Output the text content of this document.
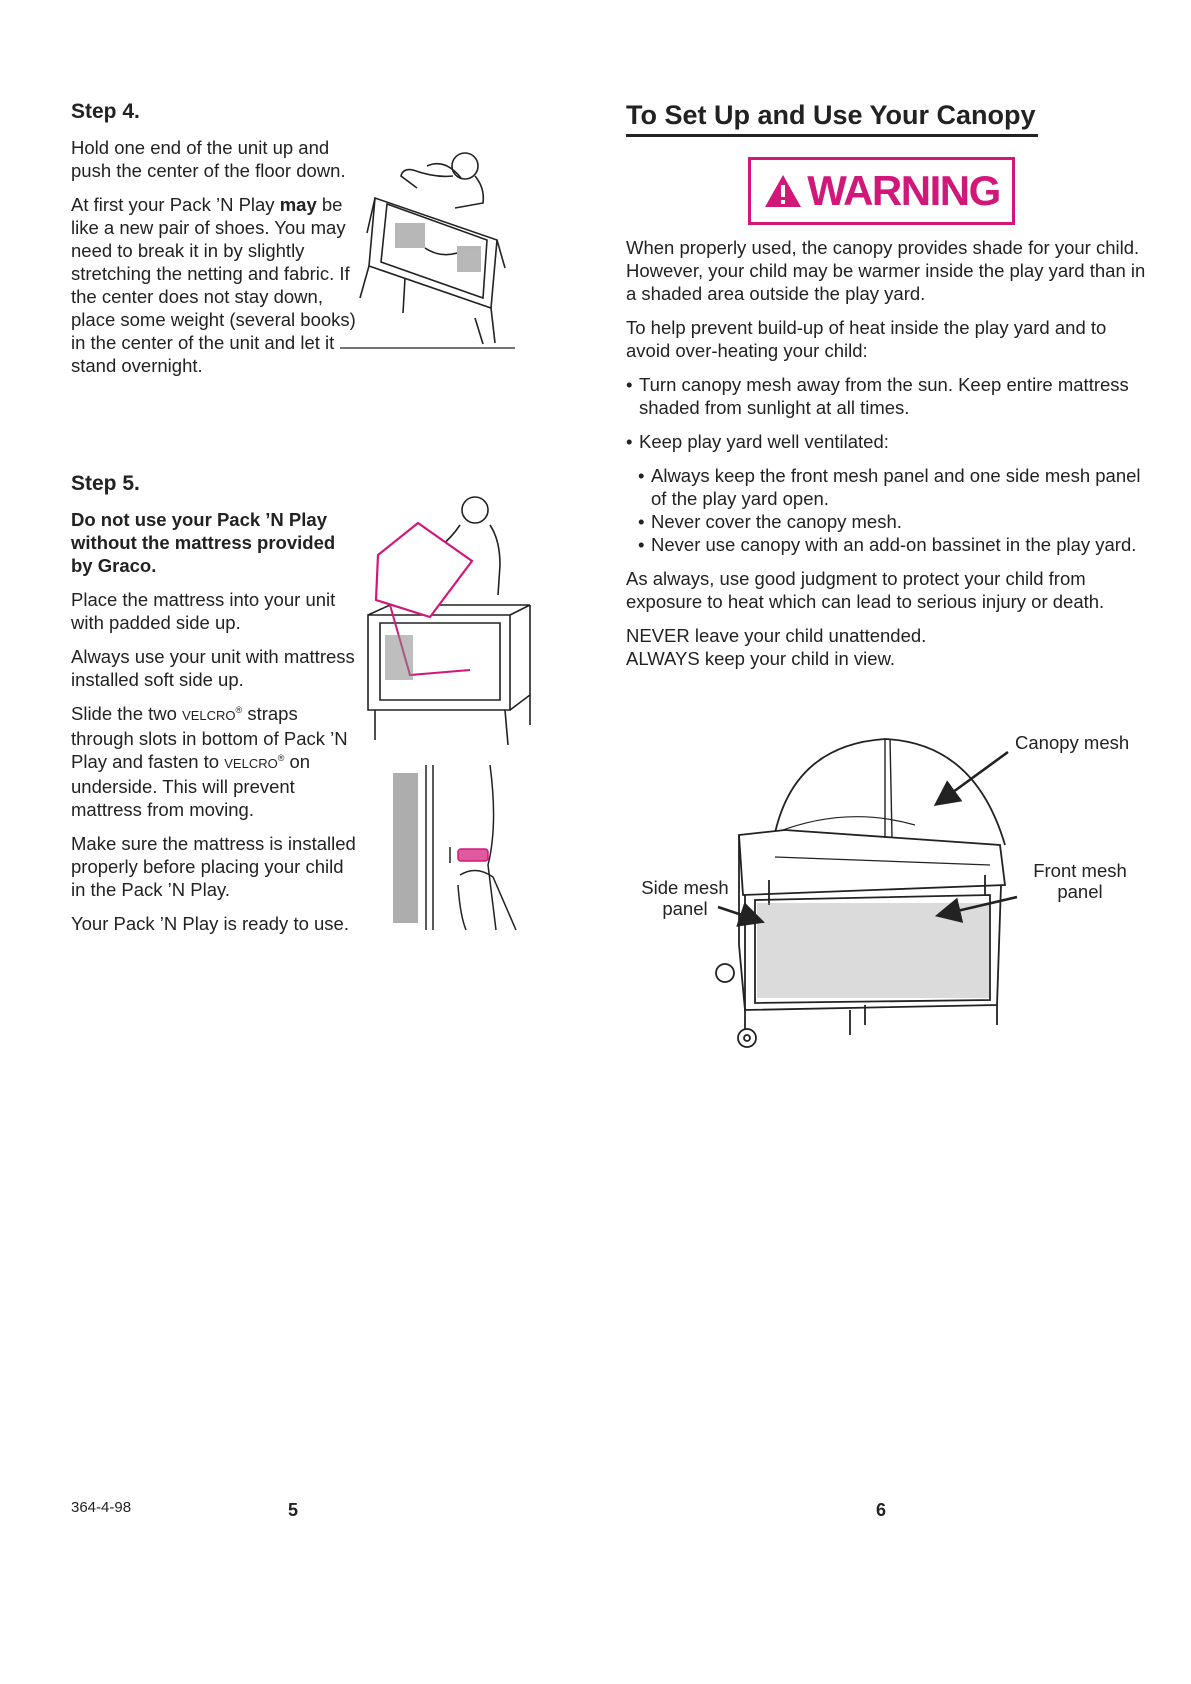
Step 4.

Hold one end of the unit up and push the center of the floor down.

At first your Pack ’N Play may be like a new pair of shoes. You may need to break it in by slightly stretching the netting and fabric. If the center does not stay down, place some weight (several books) in the center of the unit and let it stand overnight.

Step 5.

Do not use your Pack ’N Play without the mattress provided by Graco.

Place the mattress into your unit with padded side up.

Always use your unit with mattress installed soft side up.

Slide the two VELCRO® straps through slots in bottom of Pack ’N Play and fasten to VELCRO® on underside. This will prevent mattress from moving.

Make sure the mattress is installed properly before placing your child in the Pack ’N Play.

Your Pack ’N Play is ready to use.

To Set Up and Use Your Canopy
WARNING

When properly used, the canopy provides shade for your child. However, your child may be warmer inside the play yard than in a shaded area outside the play yard.

To help prevent build-up of heat inside the play yard and to avoid over-heating your child:

• Turn canopy mesh away from the sun. Keep entire mattress shaded from sunlight at all times.
• Keep play yard well ventilated:
• Always keep the front mesh panel and one side mesh panel of the play yard open.
• Never cover the canopy mesh.
• Never use canopy with an add-on bassinet in the play yard.

As always, use good judgment to protect your child from exposure to heat which can lead to serious injury or death.

NEVER leave your child unattended.
ALWAYS keep your child in view.

Canopy mesh
Side mesh
panel
Front mesh
panel
364-4-98	5	6
